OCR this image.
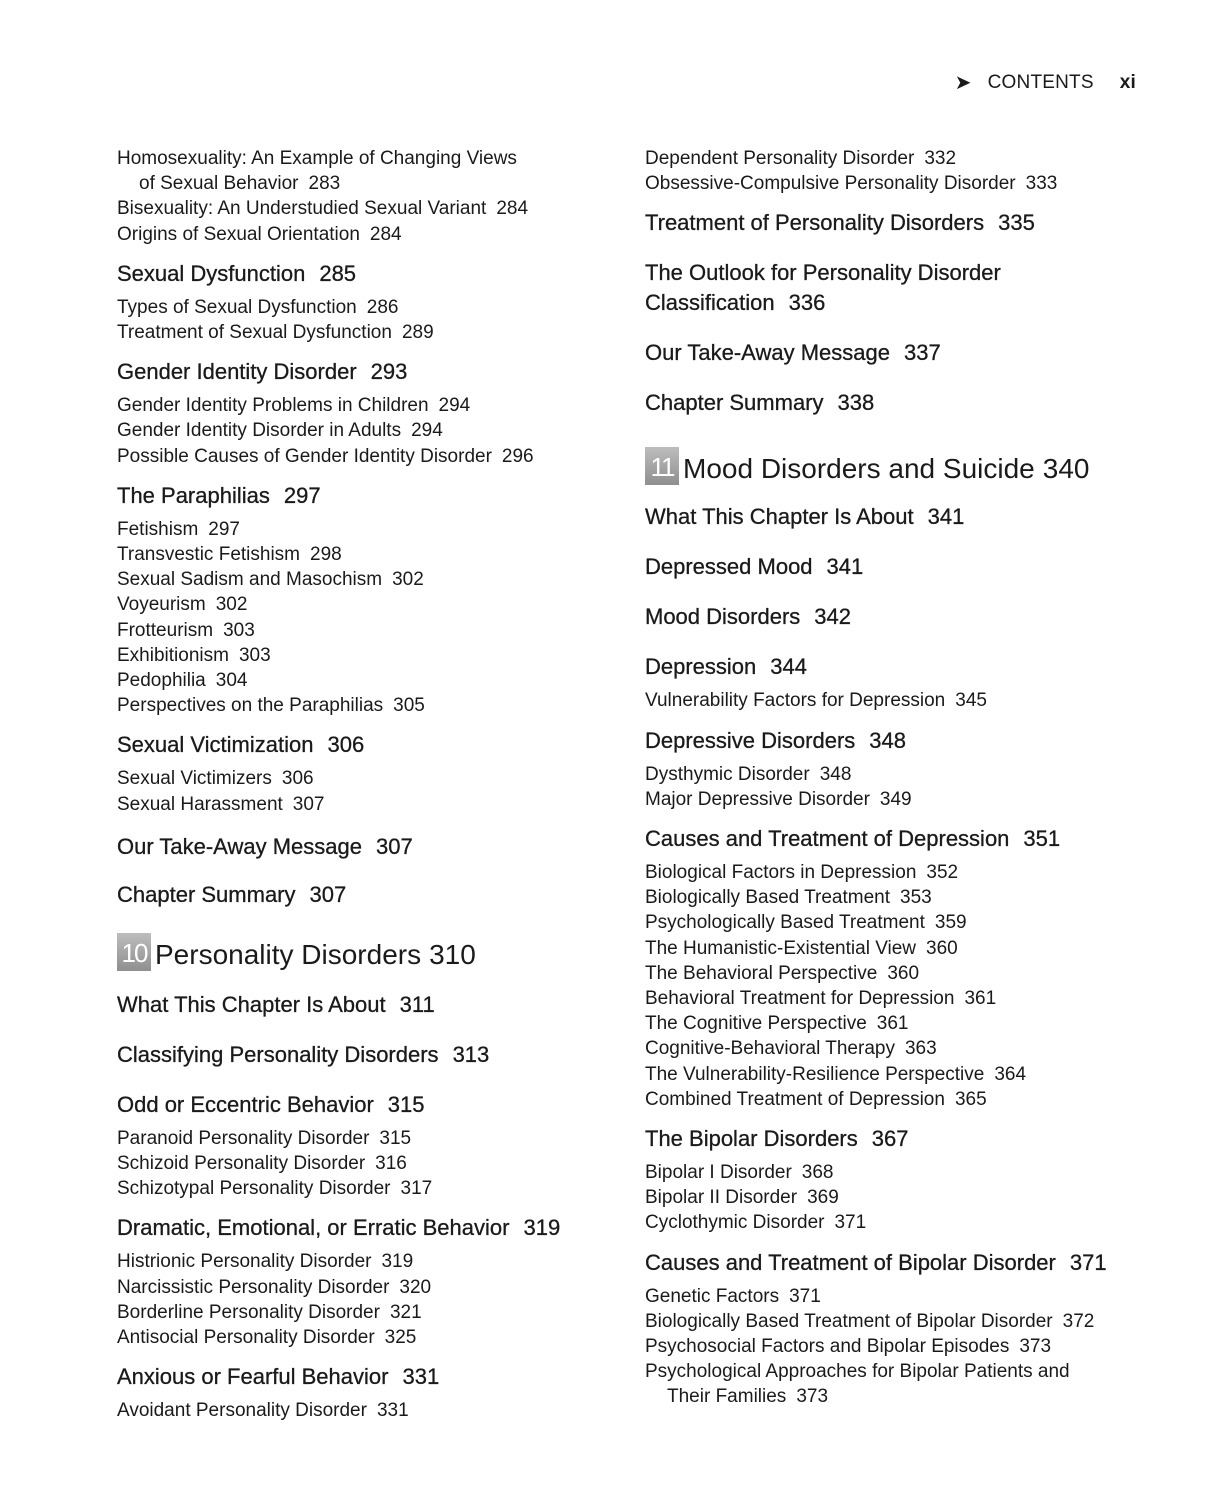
➤ CONTENTS xi
Homosexuality: An Example of Changing Views
of Sexual Behavior 283
Bisexuality: An Understudied Sexual Variant 284
Origins of Sexual Orientation 284
Sexual Dysfunction 285
Types of Sexual Dysfunction 286
Treatment of Sexual Dysfunction 289
Gender Identity Disorder 293
Gender Identity Problems in Children 294
Gender Identity Disorder in Adults 294
Possible Causes of Gender Identity Disorder 296
The Paraphilias 297
Fetishism 297
Transvestic Fetishism 298
Sexual Sadism and Masochism 302
Voyeurism 302
Frotteurism 303
Exhibitionism 303
Pedophilia 304
Perspectives on the Paraphilias 305
Sexual Victimization 306
Sexual Victimizers 306
Sexual Harassment 307
Our Take-Away Message 307
Chapter Summary 307
10 Personality Disorders 310
What This Chapter Is About 311
Classifying Personality Disorders 313
Odd or Eccentric Behavior 315
Paranoid Personality Disorder 315
Schizoid Personality Disorder 316
Schizotypal Personality Disorder 317
Dramatic, Emotional, or Erratic Behavior 319
Histrionic Personality Disorder 319
Narcissistic Personality Disorder 320
Borderline Personality Disorder 321
Antisocial Personality Disorder 325
Anxious or Fearful Behavior 331
Avoidant Personality Disorder 331
Dependent Personality Disorder 332
Obsessive-Compulsive Personality Disorder 333
Treatment of Personality Disorders 335
The Outlook for Personality Disorder
Classification 336
Our Take-Away Message 337
Chapter Summary 338
11 Mood Disorders and Suicide 340
What This Chapter Is About 341
Depressed Mood 341
Mood Disorders 342
Depression 344
Vulnerability Factors for Depression 345
Depressive Disorders 348
Dysthymic Disorder 348
Major Depressive Disorder 349
Causes and Treatment of Depression 351
Biological Factors in Depression 352
Biologically Based Treatment 353
Psychologically Based Treatment 359
The Humanistic-Existential View 360
The Behavioral Perspective 360
Behavioral Treatment for Depression 361
The Cognitive Perspective 361
Cognitive-Behavioral Therapy 363
The Vulnerability-Resilience Perspective 364
Combined Treatment of Depression 365
The Bipolar Disorders 367
Bipolar I Disorder 368
Bipolar II Disorder 369
Cyclothymic Disorder 371
Causes and Treatment of Bipolar Disorder 371
Genetic Factors 371
Biologically Based Treatment of Bipolar Disorder 372
Psychosocial Factors and Bipolar Episodes 373
Psychological Approaches for Bipolar Patients and
Their Families 373
